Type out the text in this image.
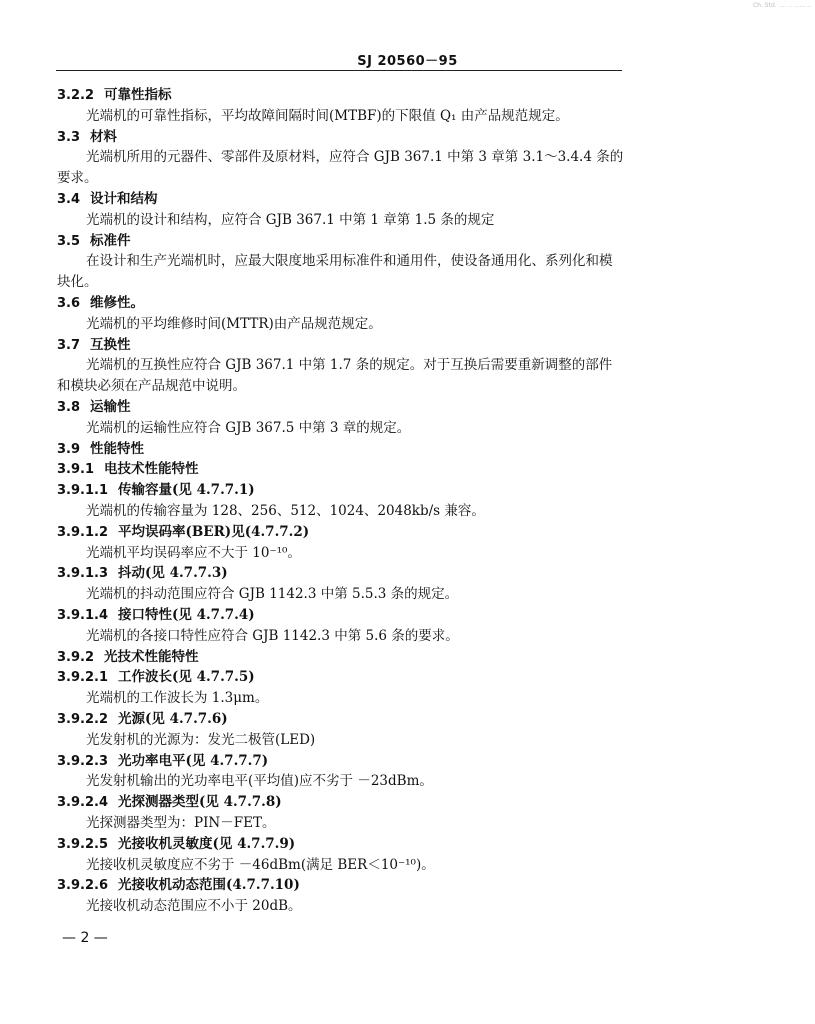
Ch. Std. .... .. ...... ..
SJ 20560－95
3.2.2 可靠性指标
光端机的可靠性指标，平均故障间隔时间(MTBF)的下限值 Q₁ 由产品规范规定。
3.3 材料
光端机所用的元器件、零部件及原材料，应符合 GJB 367.1 中第 3 章第 3.1～3.4.4 条的
要求。
3.4 设计和结构
光端机的设计和结构，应符合 GJB 367.1 中第 1 章第 1.5 条的规定
3.5 标准件
在设计和生产光端机时，应最大限度地采用标准件和通用件，使设备通用化、系列化和模
块化。
3.6 维修性。
光端机的平均维修时间(MTTR)由产品规范规定。
3.7 互换性
光端机的互换性应符合 GJB 367.1 中第 1.7 条的规定。对于互换后需要重新调整的部件
和模块必须在产品规范中说明。
3.8 运输性
光端机的运输性应符合 GJB 367.5 中第 3 章的规定。
3.9 性能特性
3.9.1 电技术性能特性
3.9.1.1 传输容量(见 4.7.7.1)
光端机的传输容量为 128、256、512、1024、2048kb/s 兼容。
3.9.1.2 平均误码率(BER)见(4.7.7.2)
光端机平均误码率应不大于 10⁻¹⁰。
3.9.1.3 抖动(见 4.7.7.3)
光端机的抖动范围应符合 GJB 1142.3 中第 5.5.3 条的规定。
3.9.1.4 接口特性(见 4.7.7.4)
光端机的各接口特性应符合 GJB 1142.3 中第 5.6 条的要求。
3.9.2 光技术性能特性
3.9.2.1 工作波长(见 4.7.7.5)
光端机的工作波长为 1.3μm。
3.9.2.2 光源(见 4.7.7.6)
光发射机的光源为：发光二极管(LED)
3.9.2.3 光功率电平(见 4.7.7.7)
光发射机输出的光功率电平(平均值)应不劣于 －23dBm。
3.9.2.4 光探测器类型(见 4.7.7.8)
光探测器类型为：PIN－FET。
3.9.2.5 光接收机灵敏度(见 4.7.7.9)
光接收机灵敏度应不劣于 －46dBm(满足 BER＜10⁻¹⁰)。
3.9.2.6 光接收机动态范围(4.7.7.10)
光接收机动态范围应不小于 20dB。
— 2 —
